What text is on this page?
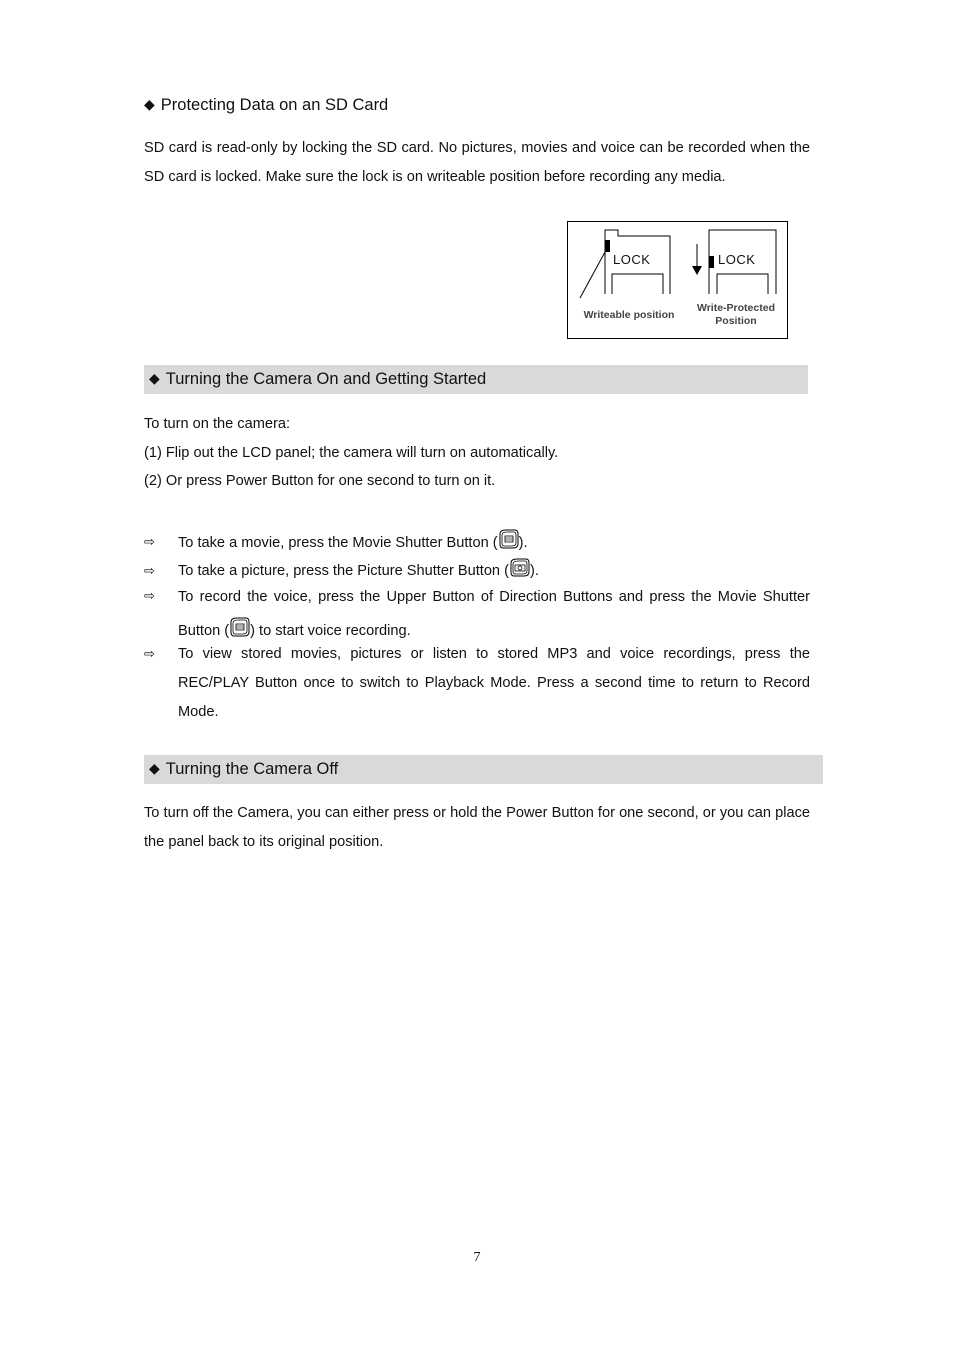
◆ Protecting Data on an SD Card
SD card is read-only by locking the SD card. No pictures, movies and voice can be recorded when the SD card is locked. Make sure the lock is on writeable position before recording any media.
LOCK	LOCK
Writeable position
Write-Protected Position
◆ Turning the Camera On and Getting Started
To turn on the camera:
(1) Flip out the LCD panel; the camera will turn on automatically.
(2) Or press Power Button for one second to turn on it.
⇨ To take a movie, press the Movie Shutter Button ( ).
⇨ To take a picture, press the Picture Shutter Button ( ).
⇨ To record the voice, press the Upper Button of Direction Buttons and press the Movie Shutter Button ( ) to start voice recording.
⇨ To view stored movies, pictures or listen to stored MP3 and voice recordings, press the REC/PLAY Button once to switch to Playback Mode. Press a second time to return to Record Mode.
◆ Turning the Camera Off
To turn off the Camera, you can either press or hold the Power Button for one second, or you can place the panel back to its original position.
7
